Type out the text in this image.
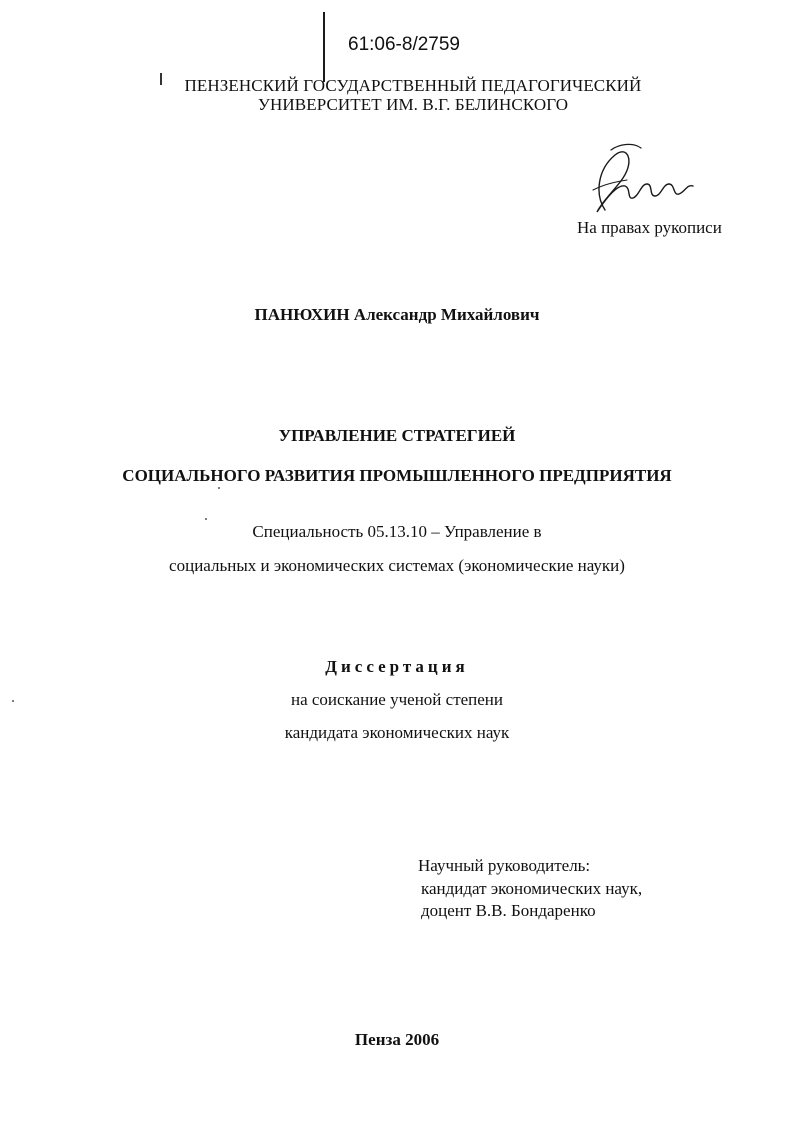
61:06-8/2759
ПЕНЗЕНСКИЙ ГОСУДАРСТВЕННЫЙ ПЕДАГОГИЧЕСКИЙ
УНИВЕРСИТЕТ ИМ. В.Г. БЕЛИНСКОГО
На правах рукописи
ПАНЮХИН Александр Михайлович
УПРАВЛЕНИЕ СТРАТЕГИЕЙ
СОЦИАЛЬНОГО РАЗВИТИЯ ПРОМЫШЛЕННОГО ПРЕДПРИЯТИЯ
Специальность 05.13.10 – Управление в
социальных и экономических системах (экономические науки)
Диссертация
на соискание ученой степени
кандидата экономических наук
Научный руководитель:
кандидат экономических наук,
доцент В.В. Бондаренко
Пенза 2006
